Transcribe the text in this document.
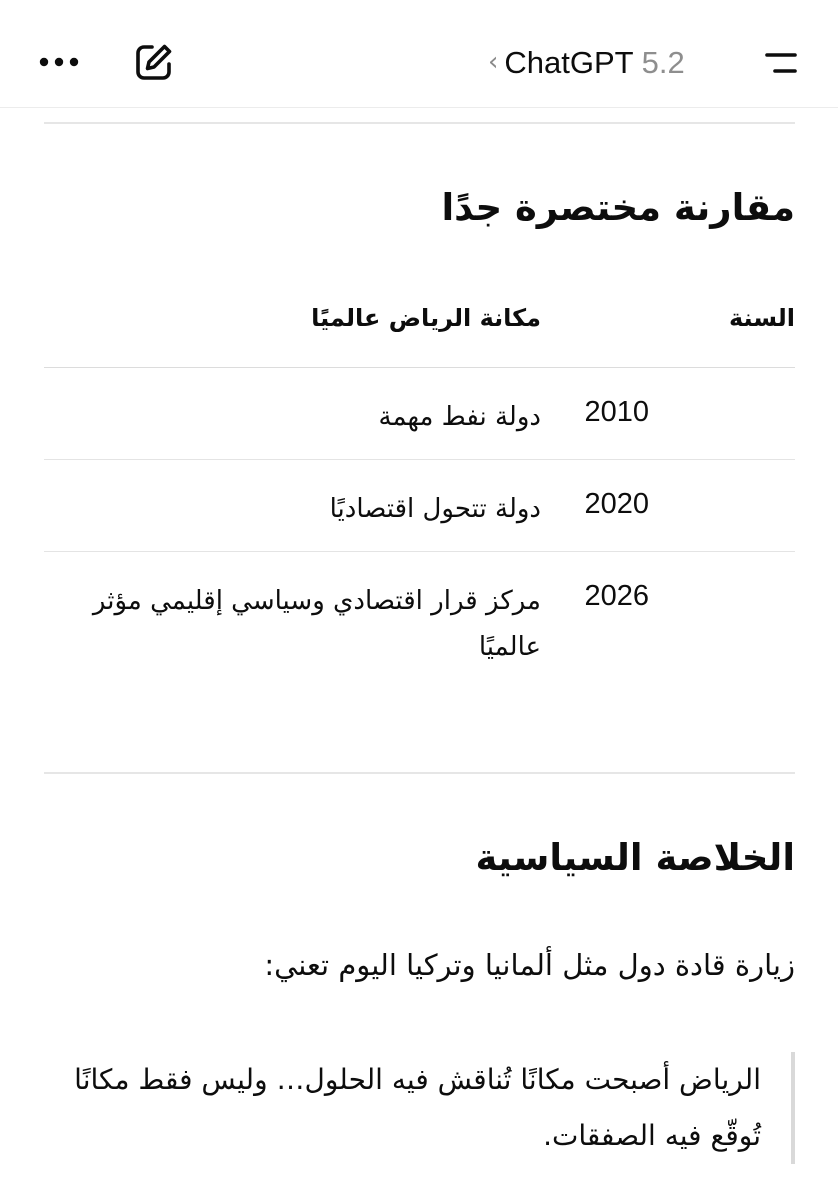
‹ ChatGPT 5.2
مقارنة مختصرة جدًا
السنة
مكانة الرياض عالميًا
2010
دولة نفط مهمة
2020
دولة تتحول اقتصاديًا
2026
مركز قرار اقتصادي وسياسي إقليمي مؤثر عالميًا
الخلاصة السياسية
زيارة قادة دول مثل ألمانيا وتركيا اليوم تعني:
الرياض أصبحت مكانًا تُناقش فيه الحلول… وليس فقط مكانًا تُوقّع فيه الصفقات.
